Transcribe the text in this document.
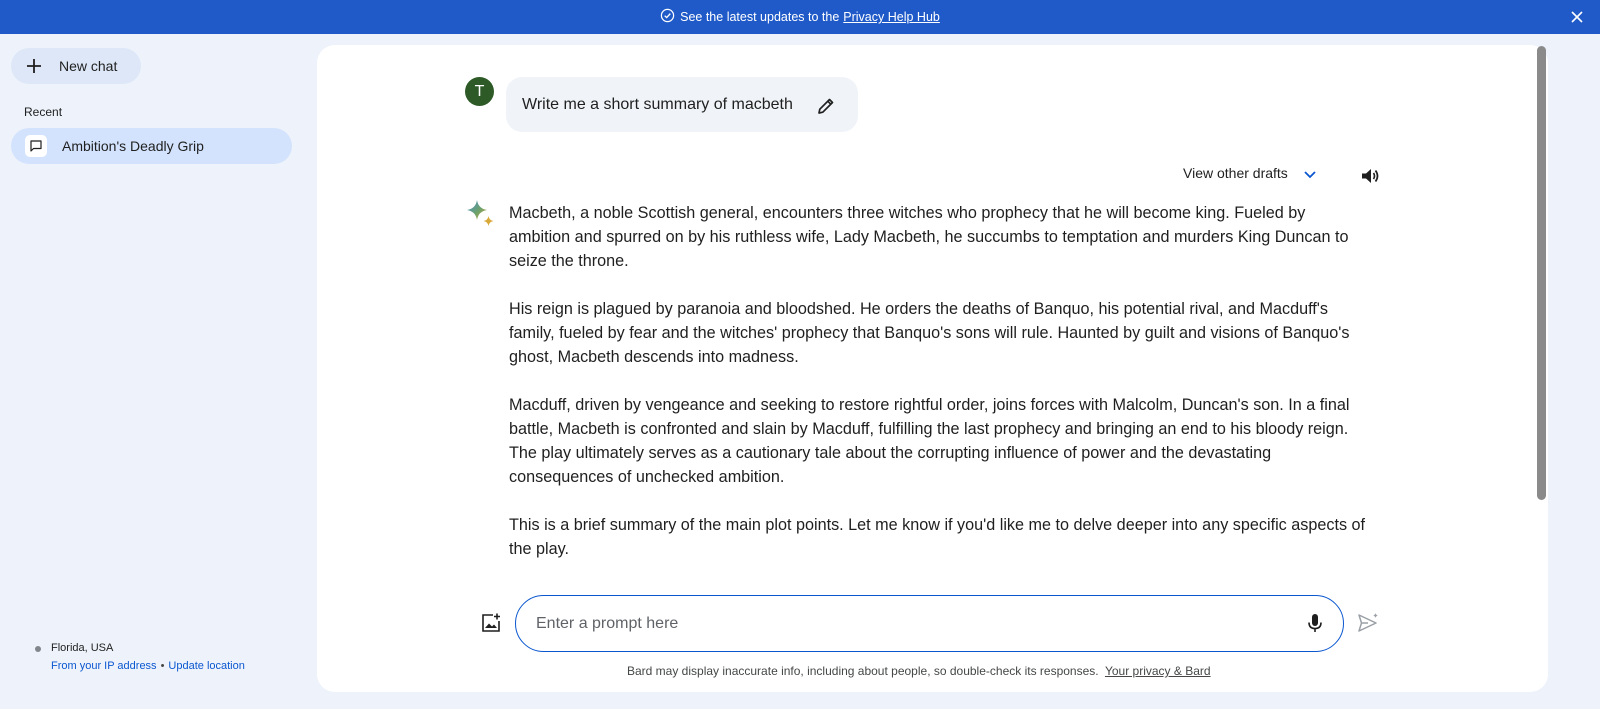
See the latest updates to the Privacy Help Hub
New chat
Recent
Ambition's Deadly Grip
Florida, USA
From your IP address • Update location
T
Write me a short summary of macbeth
View other drafts

Macbeth, a noble Scottish general, encounters three witches who prophecy that he will become king. Fueled by ambition and spurred on by his ruthless wife, Lady Macbeth, he succumbs to temptation and murders King Duncan to seize the throne.

His reign is plagued by paranoia and bloodshed. He orders the deaths of Banquo, his potential rival, and Macduff's family, fueled by fear and the witches' prophecy that Banquo's sons will rule. Haunted by guilt and visions of Banquo's ghost, Macbeth descends into madness.

Macduff, driven by vengeance and seeking to restore rightful order, joins forces with Malcolm, Duncan's son. In a final battle, Macbeth is confronted and slain by Macduff, fulfilling the last prophecy and bringing an end to his bloody reign. The play ultimately serves as a cautionary tale about the corrupting influence of power and the devastating consequences of unchecked ambition.

This is a brief summary of the main plot points. Let me know if you'd like me to delve deeper into any specific aspects of the play.

Enter a prompt here
Bard may display inaccurate info, including about people, so double-check its responses. Your privacy & Bard
